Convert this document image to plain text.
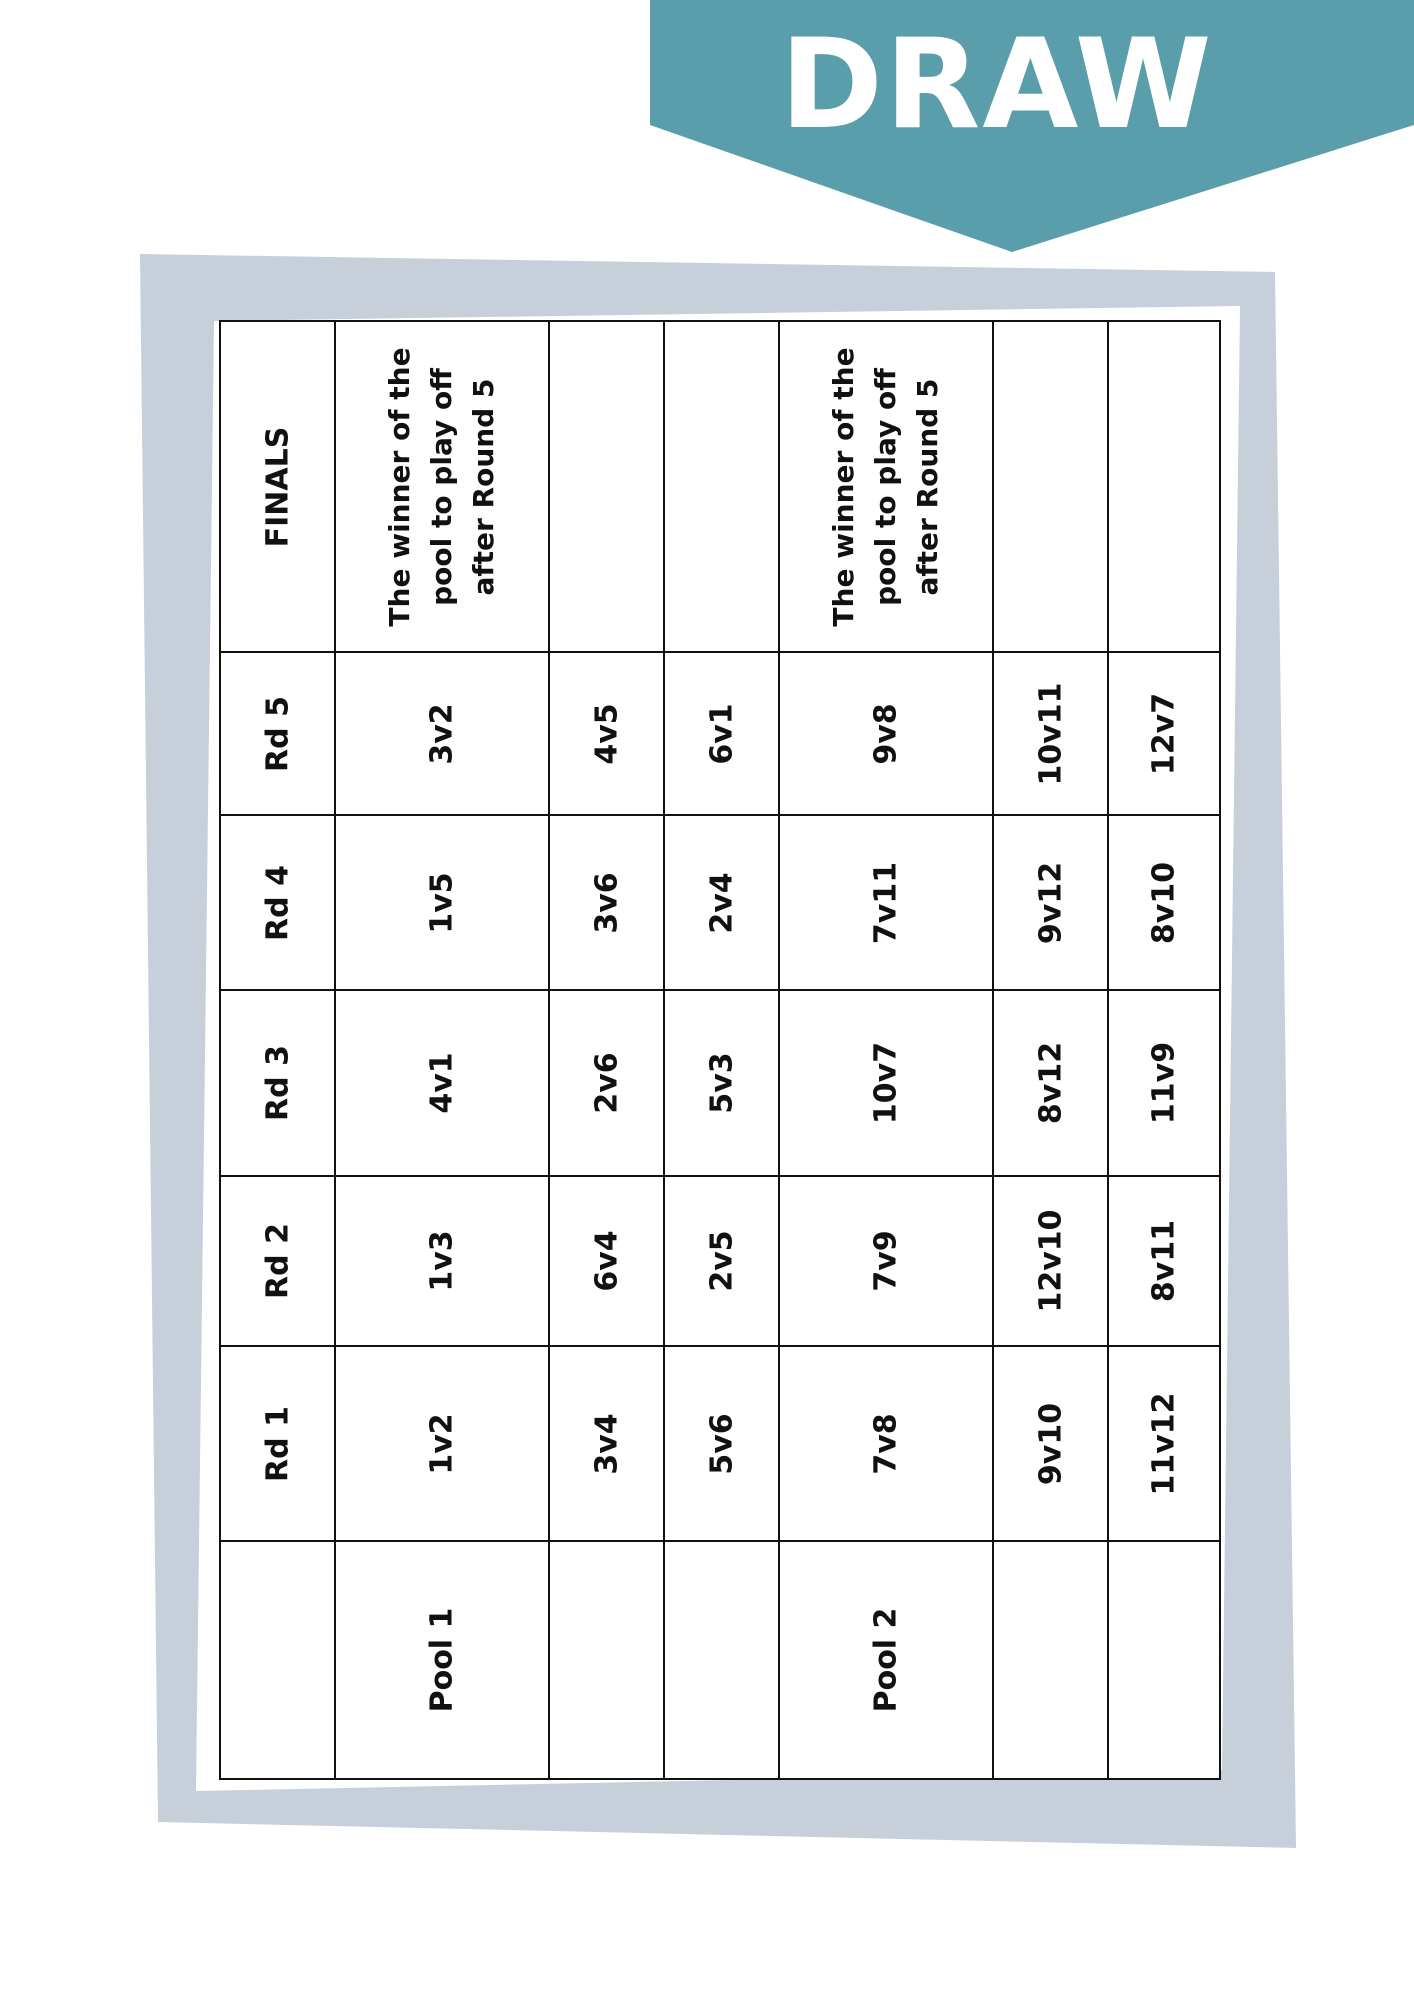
DRAW
FINALS	The winner of the pool to play off after Round 5			The winner of the pool to play off after Round 5		

Rd 5	3v2	4v5	6v1	9v8	10v11	12v7

Rd 4	1v5	3v6	2v4	7v11	9v12	8v10

Rd 3	4v1	2v6	5v3	10v7	8v12	11v9

Rd 2	1v3	6v4	2v5	7v9	12v10	8v11

Rd 1	1v2	3v4	5v6	7v8	9v10	11v12

	Pool 1			Pool 2		
